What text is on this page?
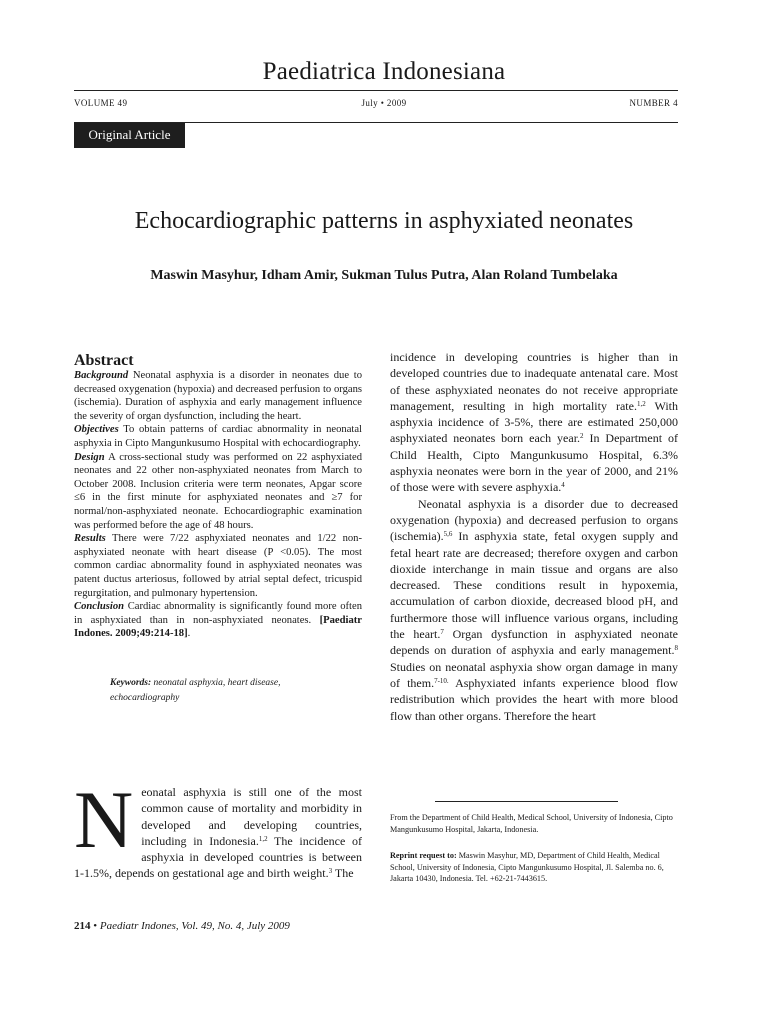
Paediatrica Indonesiana
VOLUME 49	July • 2009	NUMBER 4
Original Article
Echocardiographic patterns in asphyxiated neonates
Maswin Masyhur, Idham Amir, Sukman Tulus Putra, Alan Roland Tumbelaka
Abstract

Background Neonatal asphyxia is a disorder in neonates due to decreased oxygenation (hypoxia) and decreased perfusion to organs (ischemia). Duration of asphyxia and early management influence the severity of organ dysfunction, including the heart.

Objectives To obtain patterns of cardiac abnormality in neonatal asphyxia in Cipto Mangunkusumo Hospital with echocardiography.

Design A cross-sectional study was performed on 22 asphyxiated neonates and 22 other non-asphyxiated neonates from March to October 2008. Inclusion criteria were term neonates, Apgar score ≤6 in the first minute for asphyxiated neonates and ≥7 for normal/non-asphyxiated neonate. Echocardiographic examination was performed before the age of 48 hours.

Results There were 7/22 asphyxiated neonates and 1/22 non-asphyxiated neonate with heart disease (P <0.05). The most common cardiac abnormality found in asphyxiated neonates was patent ductus arteriosus, followed by atrial septal defect, tricuspid regurgitation, and pulmonary hypertension.

Conclusion Cardiac abnormality is significantly found more often in asphyxiated than in non-asphyxiated neonates. [Paediatr Indones. 2009;49:214-18].

Keywords: neonatal asphyxia, heart disease, echocardiography
Neonatal asphyxia is still one of the most common cause of mortality and morbidity in developed and developing countries, including in Indonesia.$^{1,2}$ The incidence of asphyxia in developed countries is between 1-1.5%, depends on gestational age and birth weight.$^3$ The

incidence in developing countries is higher than in developed countries due to inadequate antenatal care. Most of these asphyxiated neonates do not receive appropriate management, resulting in high mortality rate.$^{1,2}$ With asphyxia incidence of 3-5%, there are estimated 250,000 asphyxiated neonates born each year.$^2$ In Department of Child Health, Cipto Mangunkusumo Hospital, 6.3% asphyxia neonates were born in the year of 2000, and 21% of those were with severe asphyxia.$^4$

Neonatal asphyxia is a disorder due to decreased oxygenation (hypoxia) and decreased perfusion to organs (ischemia).$^{5,6}$ In asphyxia state, fetal oxygen supply and fetal heart rate are decreased; therefore oxygen and carbon dioxide interchange in main tissue and organs are also decreased. These conditions result in hypoxemia, accumulation of carbon dioxide, decreased blood pH, and furthermore those will influence various organs, including the heart.$^7$ Organ dysfunction in asphyxiated neonate depends on duration of asphyxia and early management.$^8$ Studies on neonatal asphyxia show organ damage in many of them.$^{7-10.}$ Asphyxiated infants experience blood flow redistribution which provides the heart with more blood flow than other organs. Therefore the heart

From the Department of Child Health, Medical School, University of Indonesia, Cipto Mangunkusumo Hospital, Jakarta, Indonesia.
Reprint request to: Maswin Masyhur, MD, Department of Child Health, Medical School, University of Indonesia, Cipto Mangunkusumo Hospital, Jl. Salemba no. 6, Jakarta 10430, Indonesia. Tel. +62-21-7443615.
214 • Paediatr Indones, Vol. 49, No. 4, July 2009
